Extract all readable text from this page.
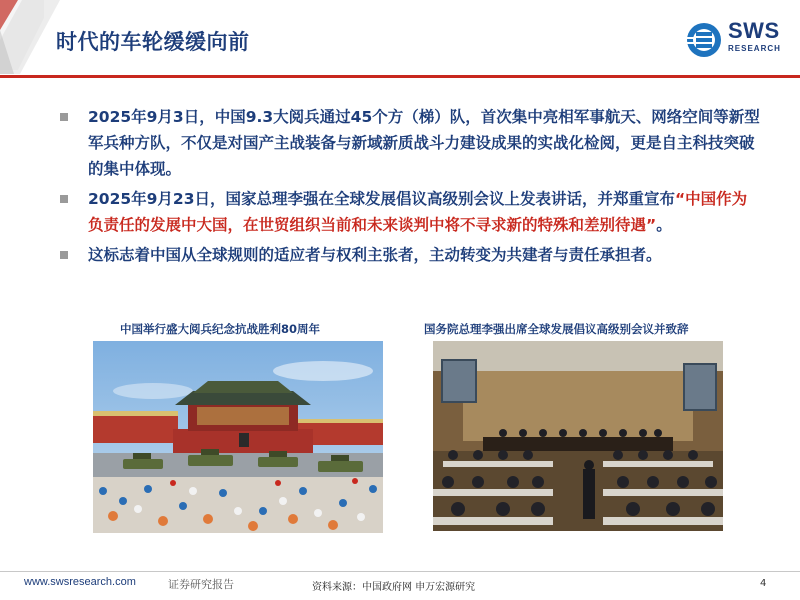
时代的车轮缓缓向前	SWS
RESEARCH
2025年9月3日，中国9.3大阅兵通过45个方（梯）队，首次集中亮相军事航天、网络空间等新型军兵种方队，不仅是对国产主战装备与新域新质战斗力建设成果的实战化检阅，更是自主科技突破的集中体现。
2025年9月23日，国家总理李强在全球发展倡议高级别会议上发表讲话，并郑重宣布“中国作为负责任的发展中大国，在世贸组织当前和未来谈判中将不寻求新的特殊和差别待遇”。
这标志着中国从全球规则的适应者与权利主张者，主动转变为共建者与责任承担者。
中国举行盛大阅兵纪念抗战胜利80周年	国务院总理李强出席全球发展倡议高级别会议并致辞
www.swsresearch.com	证券研究报告	资料来源：中国政府网 申万宏源研究	4
